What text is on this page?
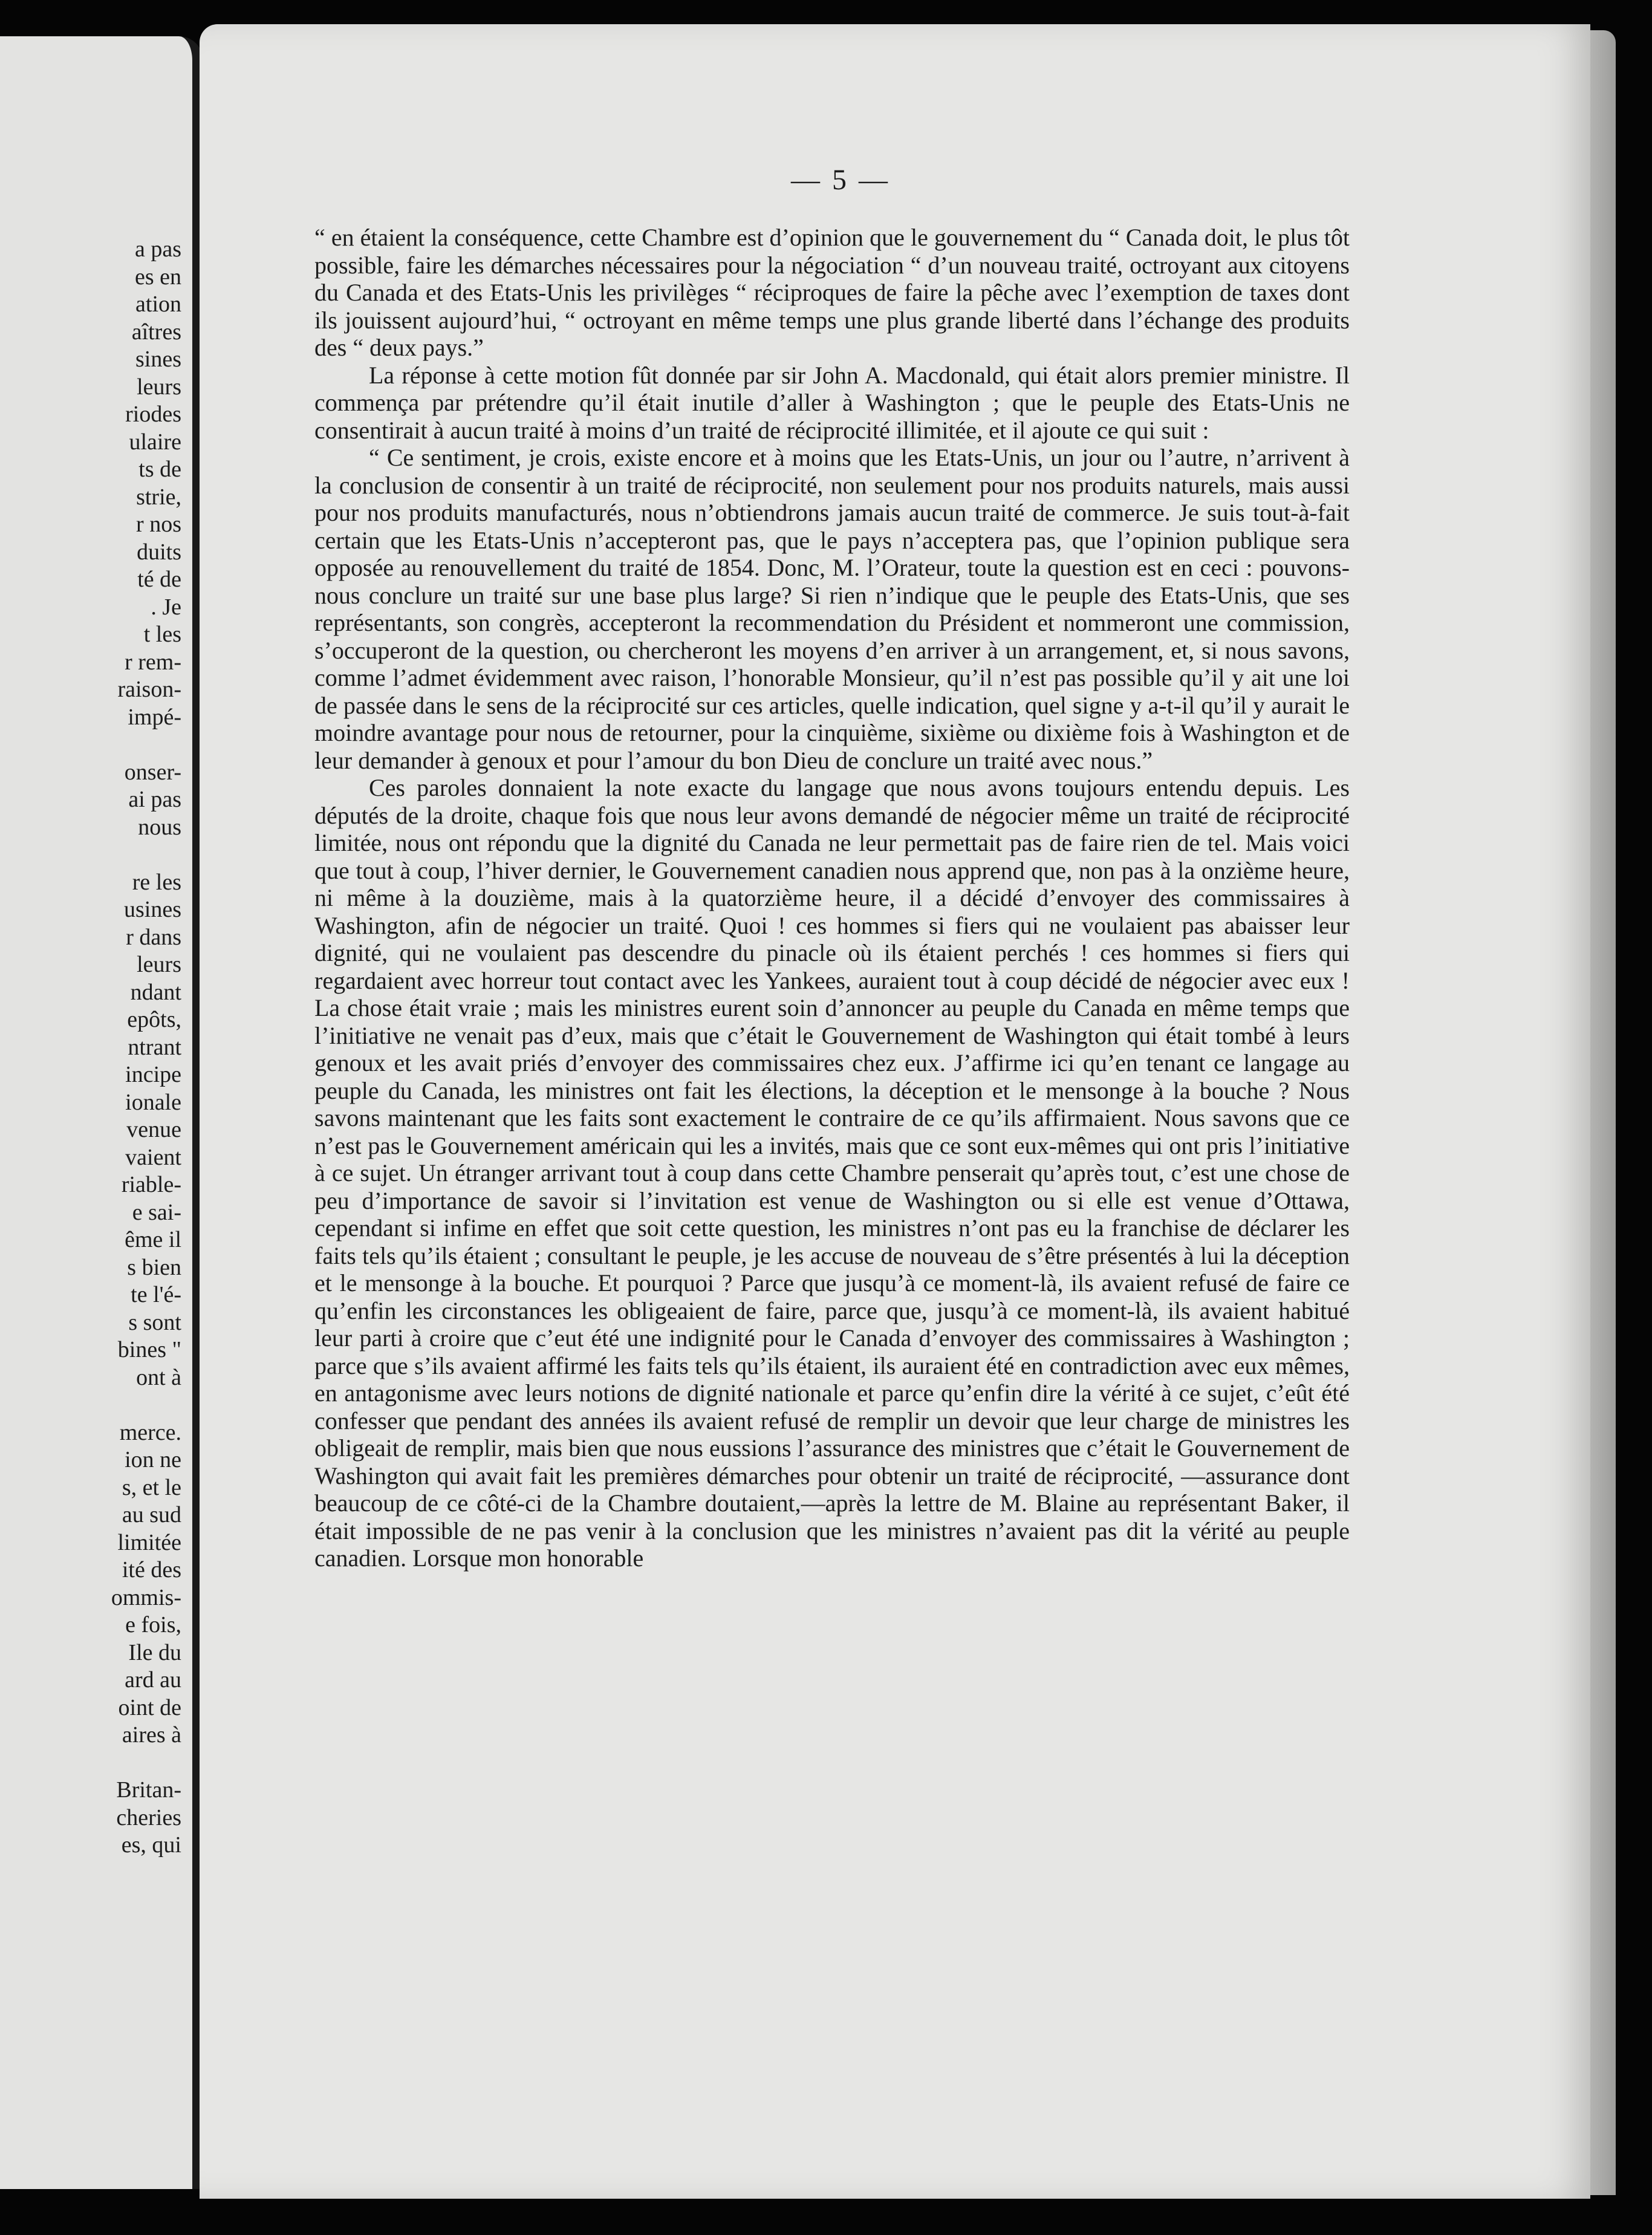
a pas
es en
ation
aîtres
sines
leurs
riodes
ulaire
ts de
strie,
r nos
duits
té de
. Je
t les
r rem-
raison-
impé-

onser-
ai pas
nous

re les
usines
r dans
leurs
ndant
epôts,
ntrant
incipe
ionale
venue
vaient
riable-
e sai-
ême il
s bien
te l'é-
s sont
bines "
ont à

merce.
ion ne
s, et le
au sud
limitée
ité des
ommis-
e fois,
Ile du
ard au
oint de
aires à

Britan-
cheries
es, qui
— 5 —

“ en étaient la conséquence, cette Chambre est d’opinion que le gouvernement du “ Canada doit, le plus tôt possible, faire les démarches nécessaires pour la négociation “ d’un nouveau traité, octroyant aux citoyens du Canada et des Etats-Unis les privilèges “ réciproques de faire la pêche avec l’exemption de taxes dont ils jouissent aujourd’hui, “ octroyant en même temps une plus grande liberté dans l’échange des produits des “ deux pays.”

La réponse à cette motion fût donnée par sir John A. Macdonald, qui était alors premier ministre. Il commença par prétendre qu’il était inutile d’aller à Washington ; que le peuple des Etats-Unis ne consentirait à aucun traité à moins d’un traité de réciprocité illimitée, et il ajoute ce qui suit :

“ Ce sentiment, je crois, existe encore et à moins que les Etats-Unis, un jour ou l’autre, n’arrivent à la conclusion de consentir à un traité de réciprocité, non seulement pour nos produits naturels, mais aussi pour nos produits manufacturés, nous n’obtiendrons jamais aucun traité de commerce. Je suis tout-à-fait certain que les Etats-Unis n’accepteront pas, que le pays n’acceptera pas, que l’opinion publique sera opposée au renouvellement du traité de 1854. Donc, M. l’Orateur, toute la question est en ceci : pouvons-nous conclure un traité sur une base plus large? Si rien n’indique que le peuple des Etats-Unis, que ses représentants, son congrès, accepteront la recommendation du Président et nommeront une commission, s’occuperont de la question, ou chercheront les moyens d’en arriver à un arrangement, et, si nous savons, comme l’admet évidemment avec raison, l’honorable Monsieur, qu’il n’est pas possible qu’il y ait une loi de passée dans le sens de la réciprocité sur ces articles, quelle indication, quel signe y a-t-il qu’il y aurait le moindre avantage pour nous de retourner, pour la cinquième, sixième ou dixième fois à Washington et de leur demander à genoux et pour l’amour du bon Dieu de conclure un traité avec nous.”

Ces paroles donnaient la note exacte du langage que nous avons toujours entendu depuis. Les députés de la droite, chaque fois que nous leur avons demandé de négocier même un traité de réciprocité limitée, nous ont répondu que la dignité du Canada ne leur permettait pas de faire rien de tel. Mais voici que tout à coup, l’hiver dernier, le Gouvernement canadien nous apprend que, non pas à la onzième heure, ni même à la douzième, mais à la quatorzième heure, il a décidé d’envoyer des commissaires à Washington, afin de négocier un traité. Quoi ! ces hommes si fiers qui ne voulaient pas abaisser leur dignité, qui ne voulaient pas descendre du pinacle où ils étaient perchés ! ces hommes si fiers qui regardaient avec horreur tout contact avec les Yankees, auraient tout à coup décidé de négocier avec eux ! La chose était vraie ; mais les ministres eurent soin d’annoncer au peuple du Canada en même temps que l’initiative ne venait pas d’eux, mais que c’était le Gouvernement de Washington qui était tombé à leurs genoux et les avait priés d’envoyer des commissaires chez eux. J’affirme ici qu’en tenant ce langage au peuple du Canada, les ministres ont fait les élections, la déception et le mensonge à la bouche ? Nous savons maintenant que les faits sont exactement le contraire de ce qu’ils affirmaient. Nous savons que ce n’est pas le Gouvernement américain qui les a invités, mais que ce sont eux-mêmes qui ont pris l’initiative à ce sujet. Un étranger arrivant tout à coup dans cette Chambre penserait qu’après tout, c’est une chose de peu d’importance de savoir si l’invitation est venue de Washington ou si elle est venue d’Ottawa, cependant si infime en effet que soit cette question, les ministres n’ont pas eu la franchise de déclarer les faits tels qu’ils étaient ; consultant le peuple, je les accuse de nouveau de s’être présentés à lui la déception et le mensonge à la bouche. Et pourquoi ? Parce que jusqu’à ce moment-là, ils avaient refusé de faire ce qu’enfin les circonstances les obligeaient de faire, parce que, jusqu’à ce moment-là, ils avaient habitué leur parti à croire que c’eut été une indignité pour le Canada d’envoyer des commissaires à Washington ; parce que s’ils avaient affirmé les faits tels qu’ils étaient, ils auraient été en contradiction avec eux mêmes, en antagonisme avec leurs notions de dignité nationale et parce qu’enfin dire la vérité à ce sujet, c’eût été confesser que pendant des années ils avaient refusé de remplir un devoir que leur charge de ministres les obligeait de remplir, mais bien que nous eussions l’assurance des ministres que c’était le Gouvernement de Washington qui avait fait les premières démarches pour obtenir un traité de réciprocité, —assurance dont beaucoup de ce côté-ci de la Chambre doutaient,—après la lettre de M. Blaine au représentant Baker, il était impossible de ne pas venir à la conclusion que les ministres n’avaient pas dit la vérité au peuple canadien. Lorsque mon honorable
